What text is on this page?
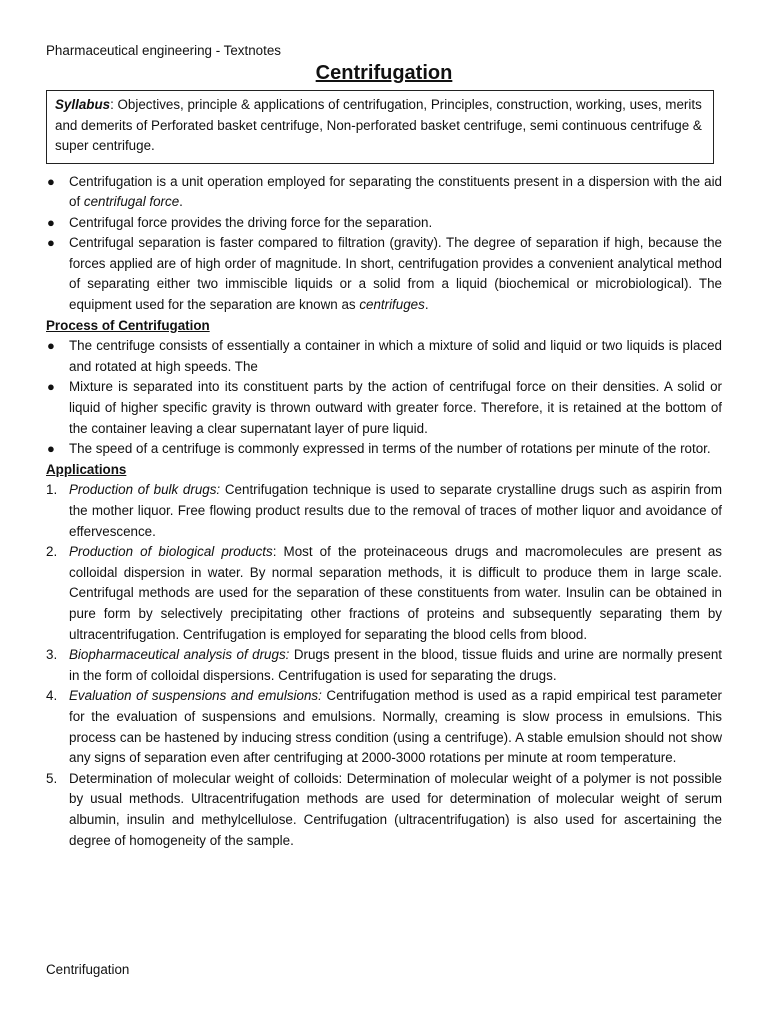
Pharmaceutical engineering - Textnotes
Centrifugation
Syllabus: Objectives, principle & applications of centrifugation, Principles, construction, working, uses, merits and demerits of Perforated basket centrifuge, Non-perforated basket centrifuge, semi continuous centrifuge & super centrifuge.
● Centrifugation is a unit operation employed for separating the constituents present in a dispersion with the aid of centrifugal force.
● Centrifugal force provides the driving force for the separation.
● Centrifugal separation is faster compared to filtration (gravity). The degree of separation if high, because the forces applied are of high order of magnitude. In short, centrifugation provides a convenient analytical method of separating either two immiscible liquids or a solid from a liquid (biochemical or microbiological). The equipment used for the separation are known as centrifuges.
Process of Centrifugation
● The centrifuge consists of essentially a container in which a mixture of solid and liquid or two liquids is placed and rotated at high speeds. The
● Mixture is separated into its constituent parts by the action of centrifugal force on their densities. A solid or liquid of higher specific gravity is thrown outward with greater force. Therefore, it is retained at the bottom of the container leaving a clear supernatant layer of pure liquid.
● The speed of a centrifuge is commonly expressed in terms of the number of rotations per minute of the rotor.
Applications
1. Production of bulk drugs: Centrifugation technique is used to separate crystalline drugs such as aspirin from the mother liquor. Free flowing product results due to the removal of traces of mother liquor and avoidance of effervescence.
2. Production of biological products: Most of the proteinaceous drugs and macromolecules are present as colloidal dispersion in water. By normal separation methods, it is difficult to produce them in large scale. Centrifugal methods are used for the separation of these constituents from water. Insulin can be obtained in pure form by selectively precipitating other fractions of proteins and subsequently separating them by ultracentrifugation. Centrifugation is employed for separating the blood cells from blood.
3. Biopharmaceutical analysis of drugs: Drugs present in the blood, tissue fluids and urine are normally present in the form of colloidal dispersions. Centrifugation is used for separating the drugs.
4. Evaluation of suspensions and emulsions: Centrifugation method is used as a rapid empirical test parameter for the evaluation of suspensions and emulsions. Normally, creaming is slow process in emulsions. This process can be hastened by inducing stress condition (using a centrifuge). A stable emulsion should not show any signs of separation even after centrifuging at 2000-3000 rotations per minute at room temperature.
5. Determination of molecular weight of colloids: Determination of molecular weight of a polymer is not possible by usual methods. Ultracentrifugation methods are used for determination of molecular weight of serum albumin, insulin and methylcellulose. Centrifugation (ultracentrifugation) is also used for ascertaining the degree of homogeneity of the sample.
Centrifugation
